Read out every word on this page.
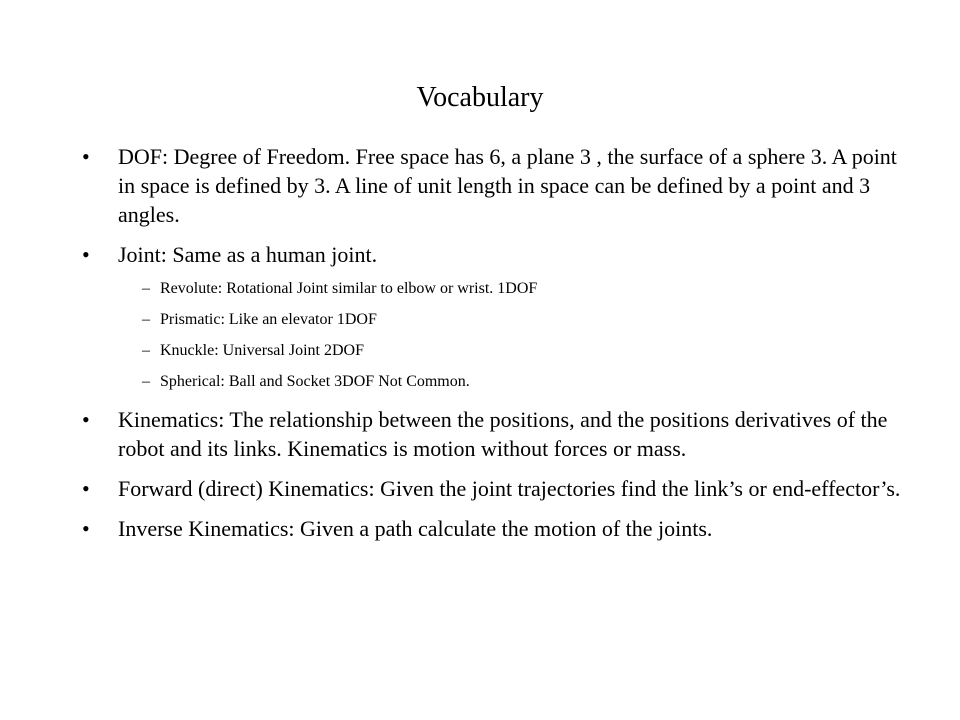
Vocabulary
•	DOF: Degree of Freedom. Free space has 6, a plane 3 , the surface of a sphere 3. A point in space is defined by 3. A line of unit length in space can be defined by a point and 3 angles.
•	Joint: Same as a human joint.
– Revolute: Rotational Joint similar to elbow or wrist. 1DOF
– Prismatic: Like an elevator 1DOF
– Knuckle: Universal Joint 2DOF
– Spherical: Ball and Socket 3DOF Not Common.
•	Kinematics: The relationship between the positions, and the positions derivatives of the robot and its links. Kinematics is motion without forces or mass.
•	Forward (direct) Kinematics: Given the joint trajectories find the link’s or end-effector’s.
•	Inverse Kinematics: Given a path calculate the motion of the joints.
